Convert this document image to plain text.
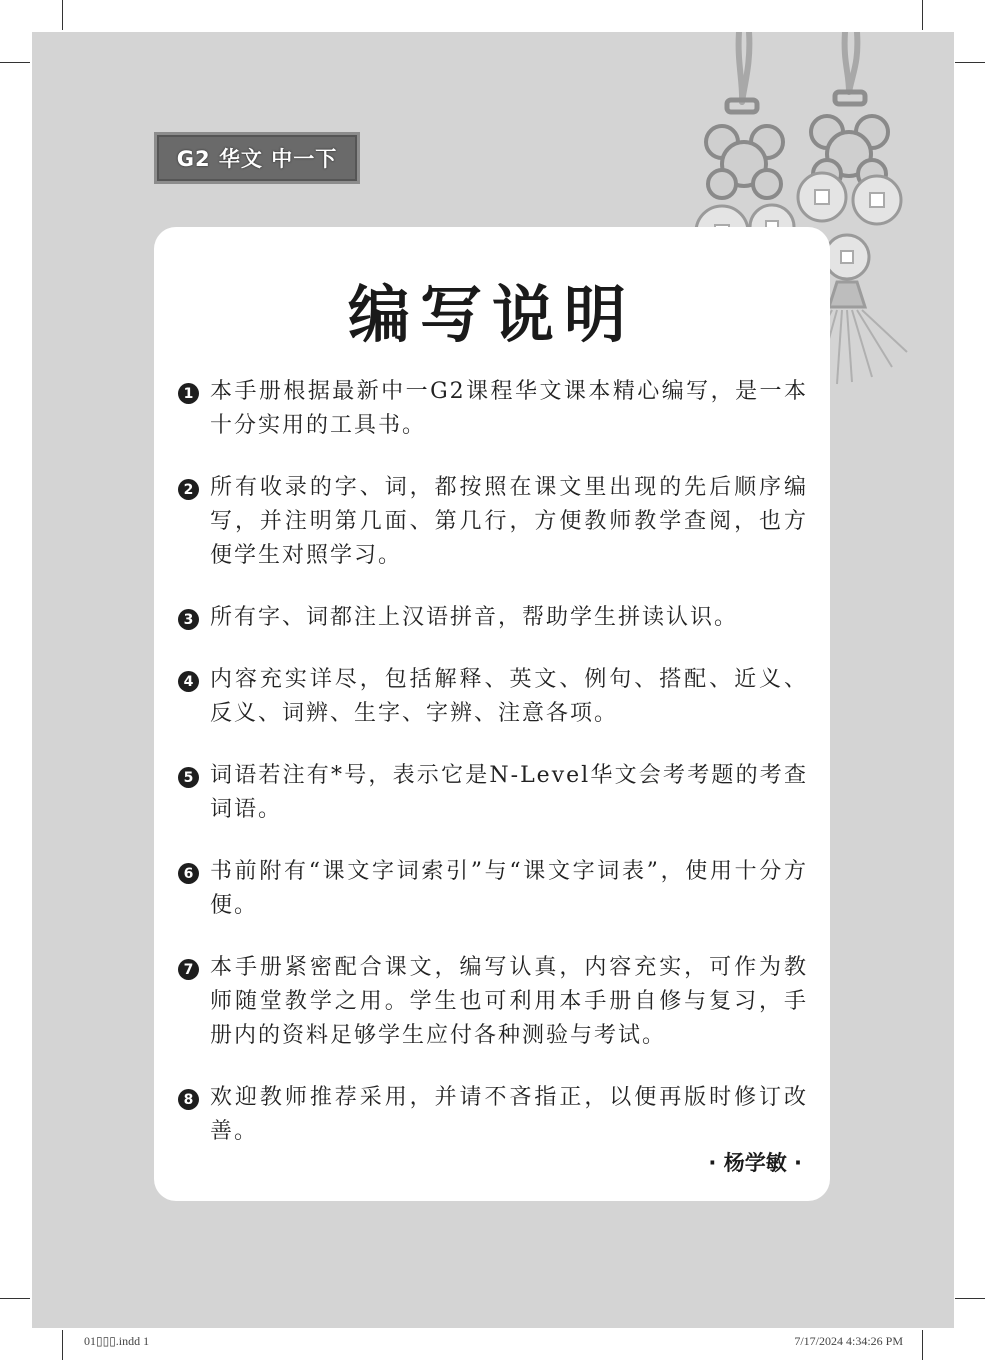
G2 华文 中一下
编写说明
1 本手册根据最新中一G2课程华文课本精心编写，是一本十分实用的工具书。
2 所有收录的字、词，都按照在课文里出现的先后顺序编写，并注明第几面、第几行，方便教师教学查阅，也方便学生对照学习。
3 所有字、词都注上汉语拼音，帮助学生拼读认识。
4 内容充实详尽，包括解释、英文、例句、搭配、近义、反义、词辨、生字、字辨、注意各项。
5 词语若注有*号，表示它是N-Level华文会考考题的考查词语。
6 书前附有“课文字词索引”与“课文字词表”，使用十分方便。
7 本手册紧密配合课文，编写认真，内容充实，可作为教师随堂教学之用。学生也可利用本手册自修与复习，手册内的资料足够学生应付各种测验与考试。
8 欢迎教师推荐采用，并请不吝指正，以便再版时修订改善。
· 杨学敏 ·
01▯▯▯.indd 1	7/17/2024 4:34:26 PM
